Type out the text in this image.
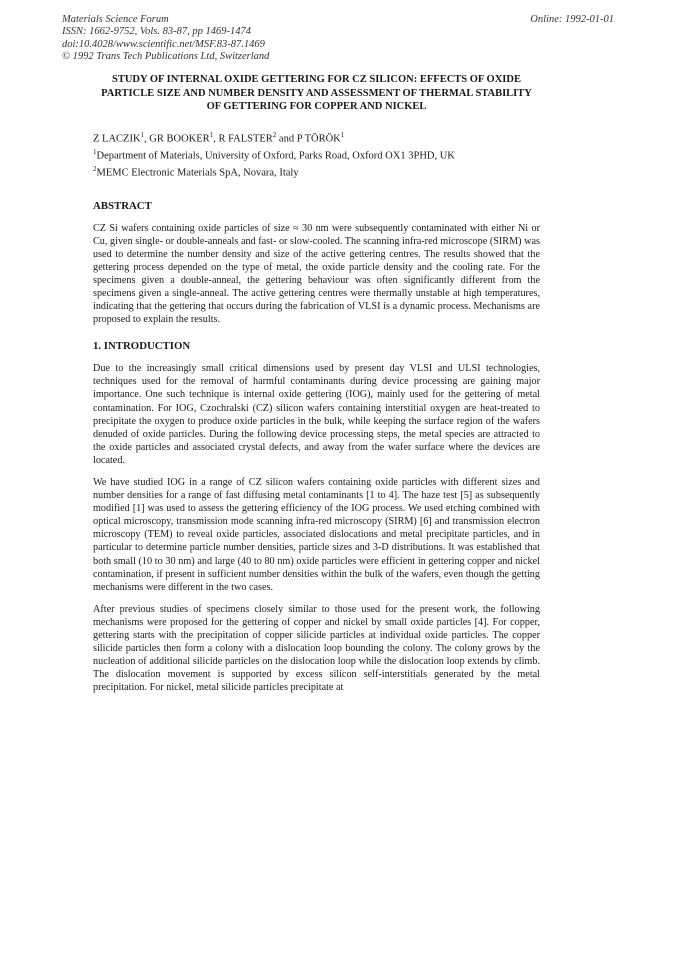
Materials Science Forum
ISSN: 1662-9752, Vols. 83-87, pp 1469-1474
doi:10.4028/www.scientific.net/MSF.83-87.1469
© 1992 Trans Tech Publications Ltd, Switzerland
Online: 1992-01-01
STUDY OF INTERNAL OXIDE GETTERING FOR CZ SILICON: EFFECTS OF OXIDE PARTICLE SIZE AND NUMBER DENSITY AND ASSESSMENT OF THERMAL STABILITY OF GETTERING FOR COPPER AND NICKEL
Z LACZIK$^1$, GR BOOKER$^1$, R FALSTER$^2$ and P TÖRÖK$^1$
$^1$Department of Materials, University of Oxford, Parks Road, Oxford OX1 3PHD, UK
$^2$MEMC Electronic Materials SpA, Novara, Italy
ABSTRACT

CZ Si wafers containing oxide particles of size ≈ 30 nm were subsequently contaminated with either Ni or Cu, given single- or double-anneals and fast- or slow-cooled. The scanning infra-red microscope (SIRM) was used to determine the number density and size of the active gettering centres. The results showed that the gettering process depended on the type of metal, the oxide particle density and the cooling rate. For the specimens given a double-anneal, the gettering behaviour was often significantly different from the specimens given a single-anneal. The active gettering centres were thermally unstable at high temperatures, indicating that the gettering that occurs during the fabrication of VLSI is a dynamic process. Mechanisms are proposed to explain the results.

1. INTRODUCTION

Due to the increasingly small critical dimensions used by present day VLSI and ULSI technologies, techniques used for the removal of harmful contaminants during device processing are gaining major importance. One such technique is internal oxide gettering (IOG), mainly used for the gettering of metal contamination. For IOG, Czochralski (CZ) silicon wafers containing interstitial oxygen are heat-treated to precipitate the oxygen to produce oxide particles in the bulk, while keeping the surface region of the wafers denuded of oxide particles. During the following device processing steps, the metal species are attracted to the oxide particles and associated crystal defects, and away from the wafer surface where the devices are located.

We have studied IOG in a range of CZ silicon wafers containing oxide particles with different sizes and number densities for a range of fast diffusing metal contaminants [1 to 4]. The haze test [5] as subsequently modified [1] was used to assess the gettering efficiency of the IOG process. We used etching combined with optical microscopy, transmission mode scanning infra-red microscopy (SIRM) [6] and transmission electron microscopy (TEM) to reveal oxide particles, associated dislocations and metal precipitate particles, and in particular to determine particle number densities, particle sizes and 3-D distributions. It was established that both small (10 to 30 nm) and large (40 to 80 nm) oxide particles were efficient in gettering copper and nickel contamination, if present in sufficient number densities within the bulk of the wafers, even though the getting mechanisms were different in the two cases.

After previous studies of specimens closely similar to those used for the present work, the following mechanisms were proposed for the gettering of copper and nickel by small oxide particles [4]. For copper, gettering starts with the precipitation of copper silicide particles at individual oxide particles. The copper silicide particles then form a colony with a dislocation loop bounding the colony. The colony grows by the nucleation of additional silicide particles on the dislocation loop while the dislocation loop extends by climb. The dislocation movement is supported by excess silicon self-interstitials generated by the metal precipitation. For nickel, metal silicide particles precipitate at
